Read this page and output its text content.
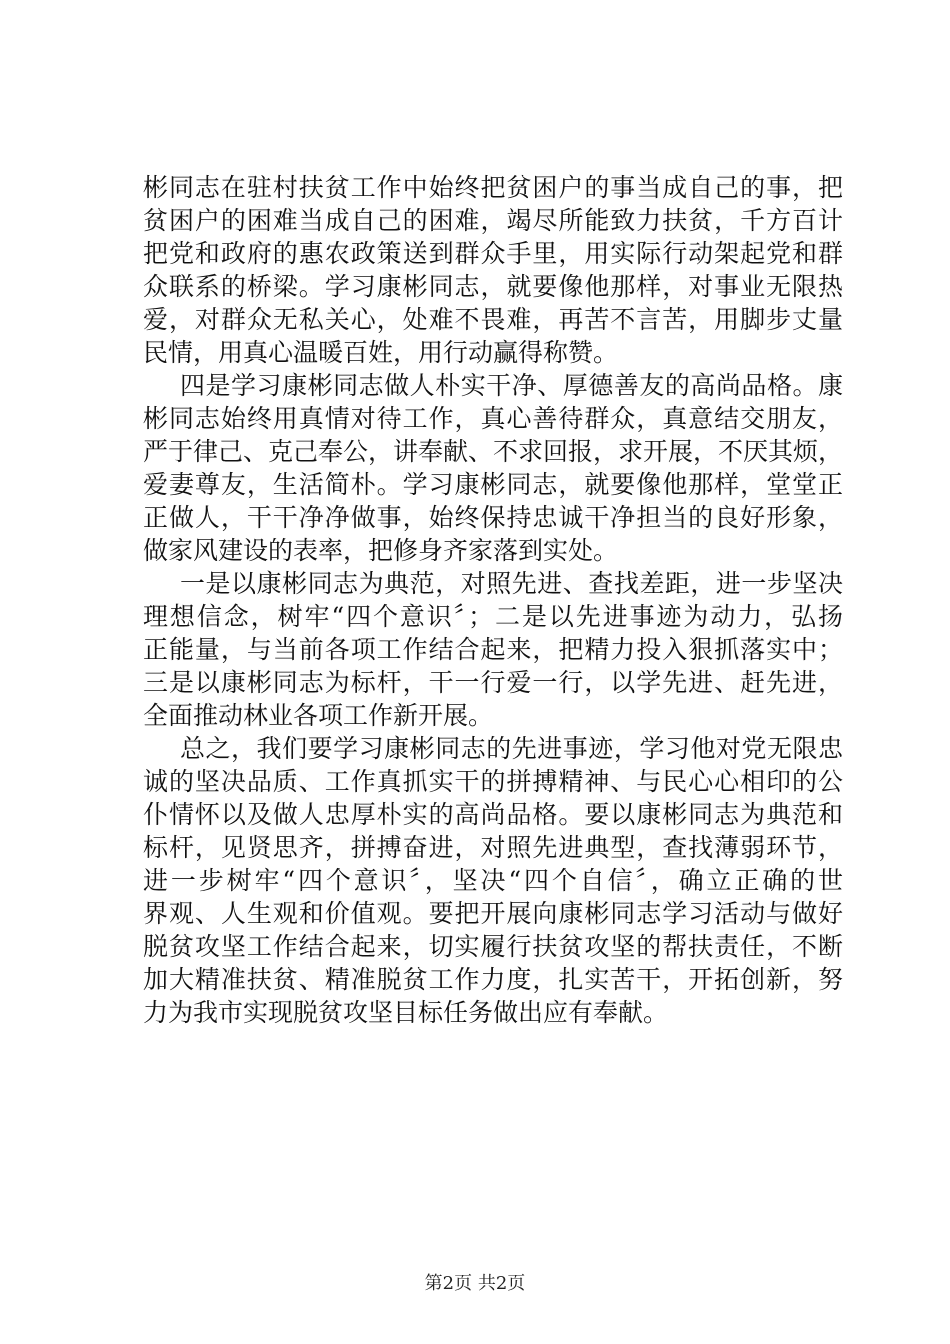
彬同志在驻村扶贫工作中始终把贫困户的事当成自己的事，把
贫困户的困难当成自己的困难，竭尽所能致力扶贫，千方百计
把党和政府的惠农政策送到群众手里，用实际行动架起党和群
众联系的桥梁。学习康彬同志，就要像他那样，对事业无限热
爱，对群众无私关心，处难不畏难，再苦不言苦，用脚步丈量
民情，用真心温暖百姓，用行动赢得称赞。
四是学习康彬同志做人朴实干净、厚德善友的高尚品格。康
彬同志始终用真情对待工作，真心善待群众，真意结交朋友，
严于律己、克己奉公，讲奉献、不求回报，求开展，不厌其烦，
爱妻尊友，生活简朴。学习康彬同志，就要像他那样，堂堂正
正做人，干干净净做事，始终保持忠诚干净担当的良好形象，
做家风建设的表率，把修身齐家落到实处。
一是以康彬同志为典范，对照先进、查找差距，进一步坚决
理想信念，树牢“四个意识〞；二是以先进事迹为动力，弘扬
正能量，与当前各项工作结合起来，把精力投入狠抓落实中；
三是以康彬同志为标杆，干一行爱一行，以学先进、赶先进，
全面推动林业各项工作新开展。
总之，我们要学习康彬同志的先进事迹，学习他对党无限忠
诚的坚决品质、工作真抓实干的拼搏精神、与民心心相印的公
仆情怀以及做人忠厚朴实的高尚品格。要以康彬同志为典范和
标杆，见贤思齐，拼搏奋进，对照先进典型，查找薄弱环节，
进一步树牢“四个意识〞，坚决“四个自信〞，确立正确的世
界观、人生观和价值观。要把开展向康彬同志学习活动与做好
脱贫攻坚工作结合起来，切实履行扶贫攻坚的帮扶责任，不断
加大精准扶贫、精准脱贫工作力度，扎实苦干，开拓创新，努
力为我市实现脱贫攻坚目标任务做出应有奉献。
第2页 共2页
